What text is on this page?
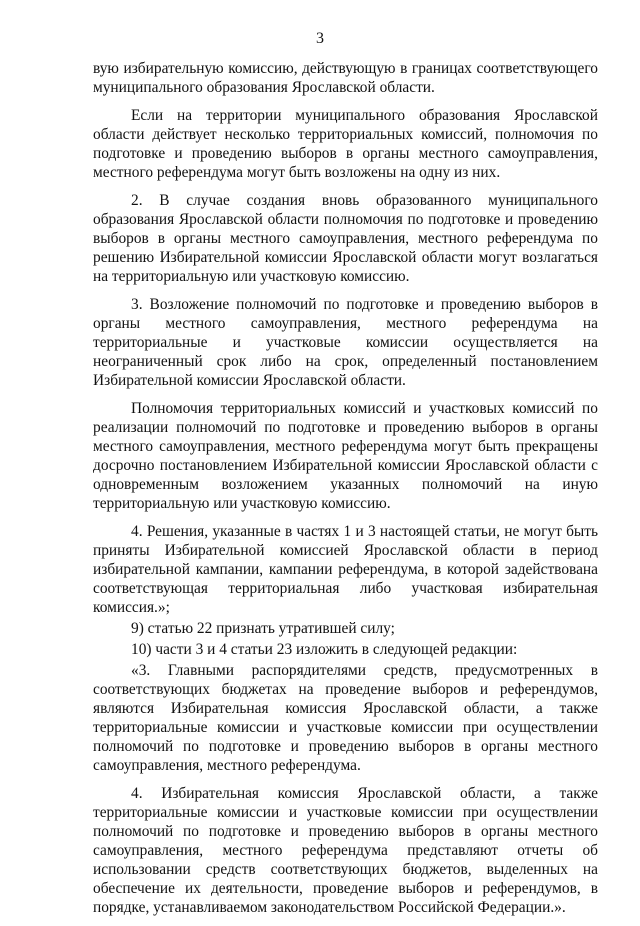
3

вую избирательную комиссию, действующую в границах соответствующего муниципального образования Ярославской области.

Если на территории муниципального образования Ярославской области действует несколько территориальных комиссий, полномочия по подготовке и проведению выборов в органы местного самоуправления, местного референдума могут быть возложены на одну из них.

2. В случае создания вновь образованного муниципального образования Ярославской области полномочия по подготовке и проведению выборов в органы местного самоуправления, местного референдума по решению Избирательной комиссии Ярославской области могут возлагаться на территориальную или участковую комиссию.

3. Возложение полномочий по подготовке и проведению выборов в органы местного самоуправления, местного референдума на территориальные и участковые комиссии осуществляется на неограниченный срок либо на срок, определенный постановлением Избирательной комиссии Ярославской области.

Полномочия территориальных комиссий и участковых комиссий по реализации полномочий по подготовке и проведению выборов в органы местного самоуправления, местного референдума могут быть прекращены досрочно постановлением Избирательной комиссии Ярославской области с одновременным возложением указанных полномочий на иную территориальную или участковую комиссию.

4. Решения, указанные в частях 1 и 3 настоящей статьи, не могут быть приняты Избирательной комиссией Ярославской области в период избирательной кампании, кампании референдума, в которой задействована соответствующая территориальная либо участковая избирательная комиссия.»;

9) статью 22 признать утратившей силу;

10) части 3 и 4 статьи 23 изложить в следующей редакции:

«3. Главными распорядителями средств, предусмотренных в соответствующих бюджетах на проведение выборов и референдумов, являются Избирательная комиссия Ярославской области, а также территориальные комиссии и участковые комиссии при осуществлении полномочий по подготовке и проведению выборов в органы местного самоуправления, местного референдума.

4. Избирательная комиссия Ярославской области, а также территориальные комиссии и участковые комиссии при осуществлении полномочий по подготовке и проведению выборов в органы местного самоуправления, местного референдума представляют отчеты об использовании средств соответствующих бюджетов, выделенных на обеспечение их деятельности, проведение выборов и референдумов, в порядке, устанавливаемом законодательством Российской Федерации.».
